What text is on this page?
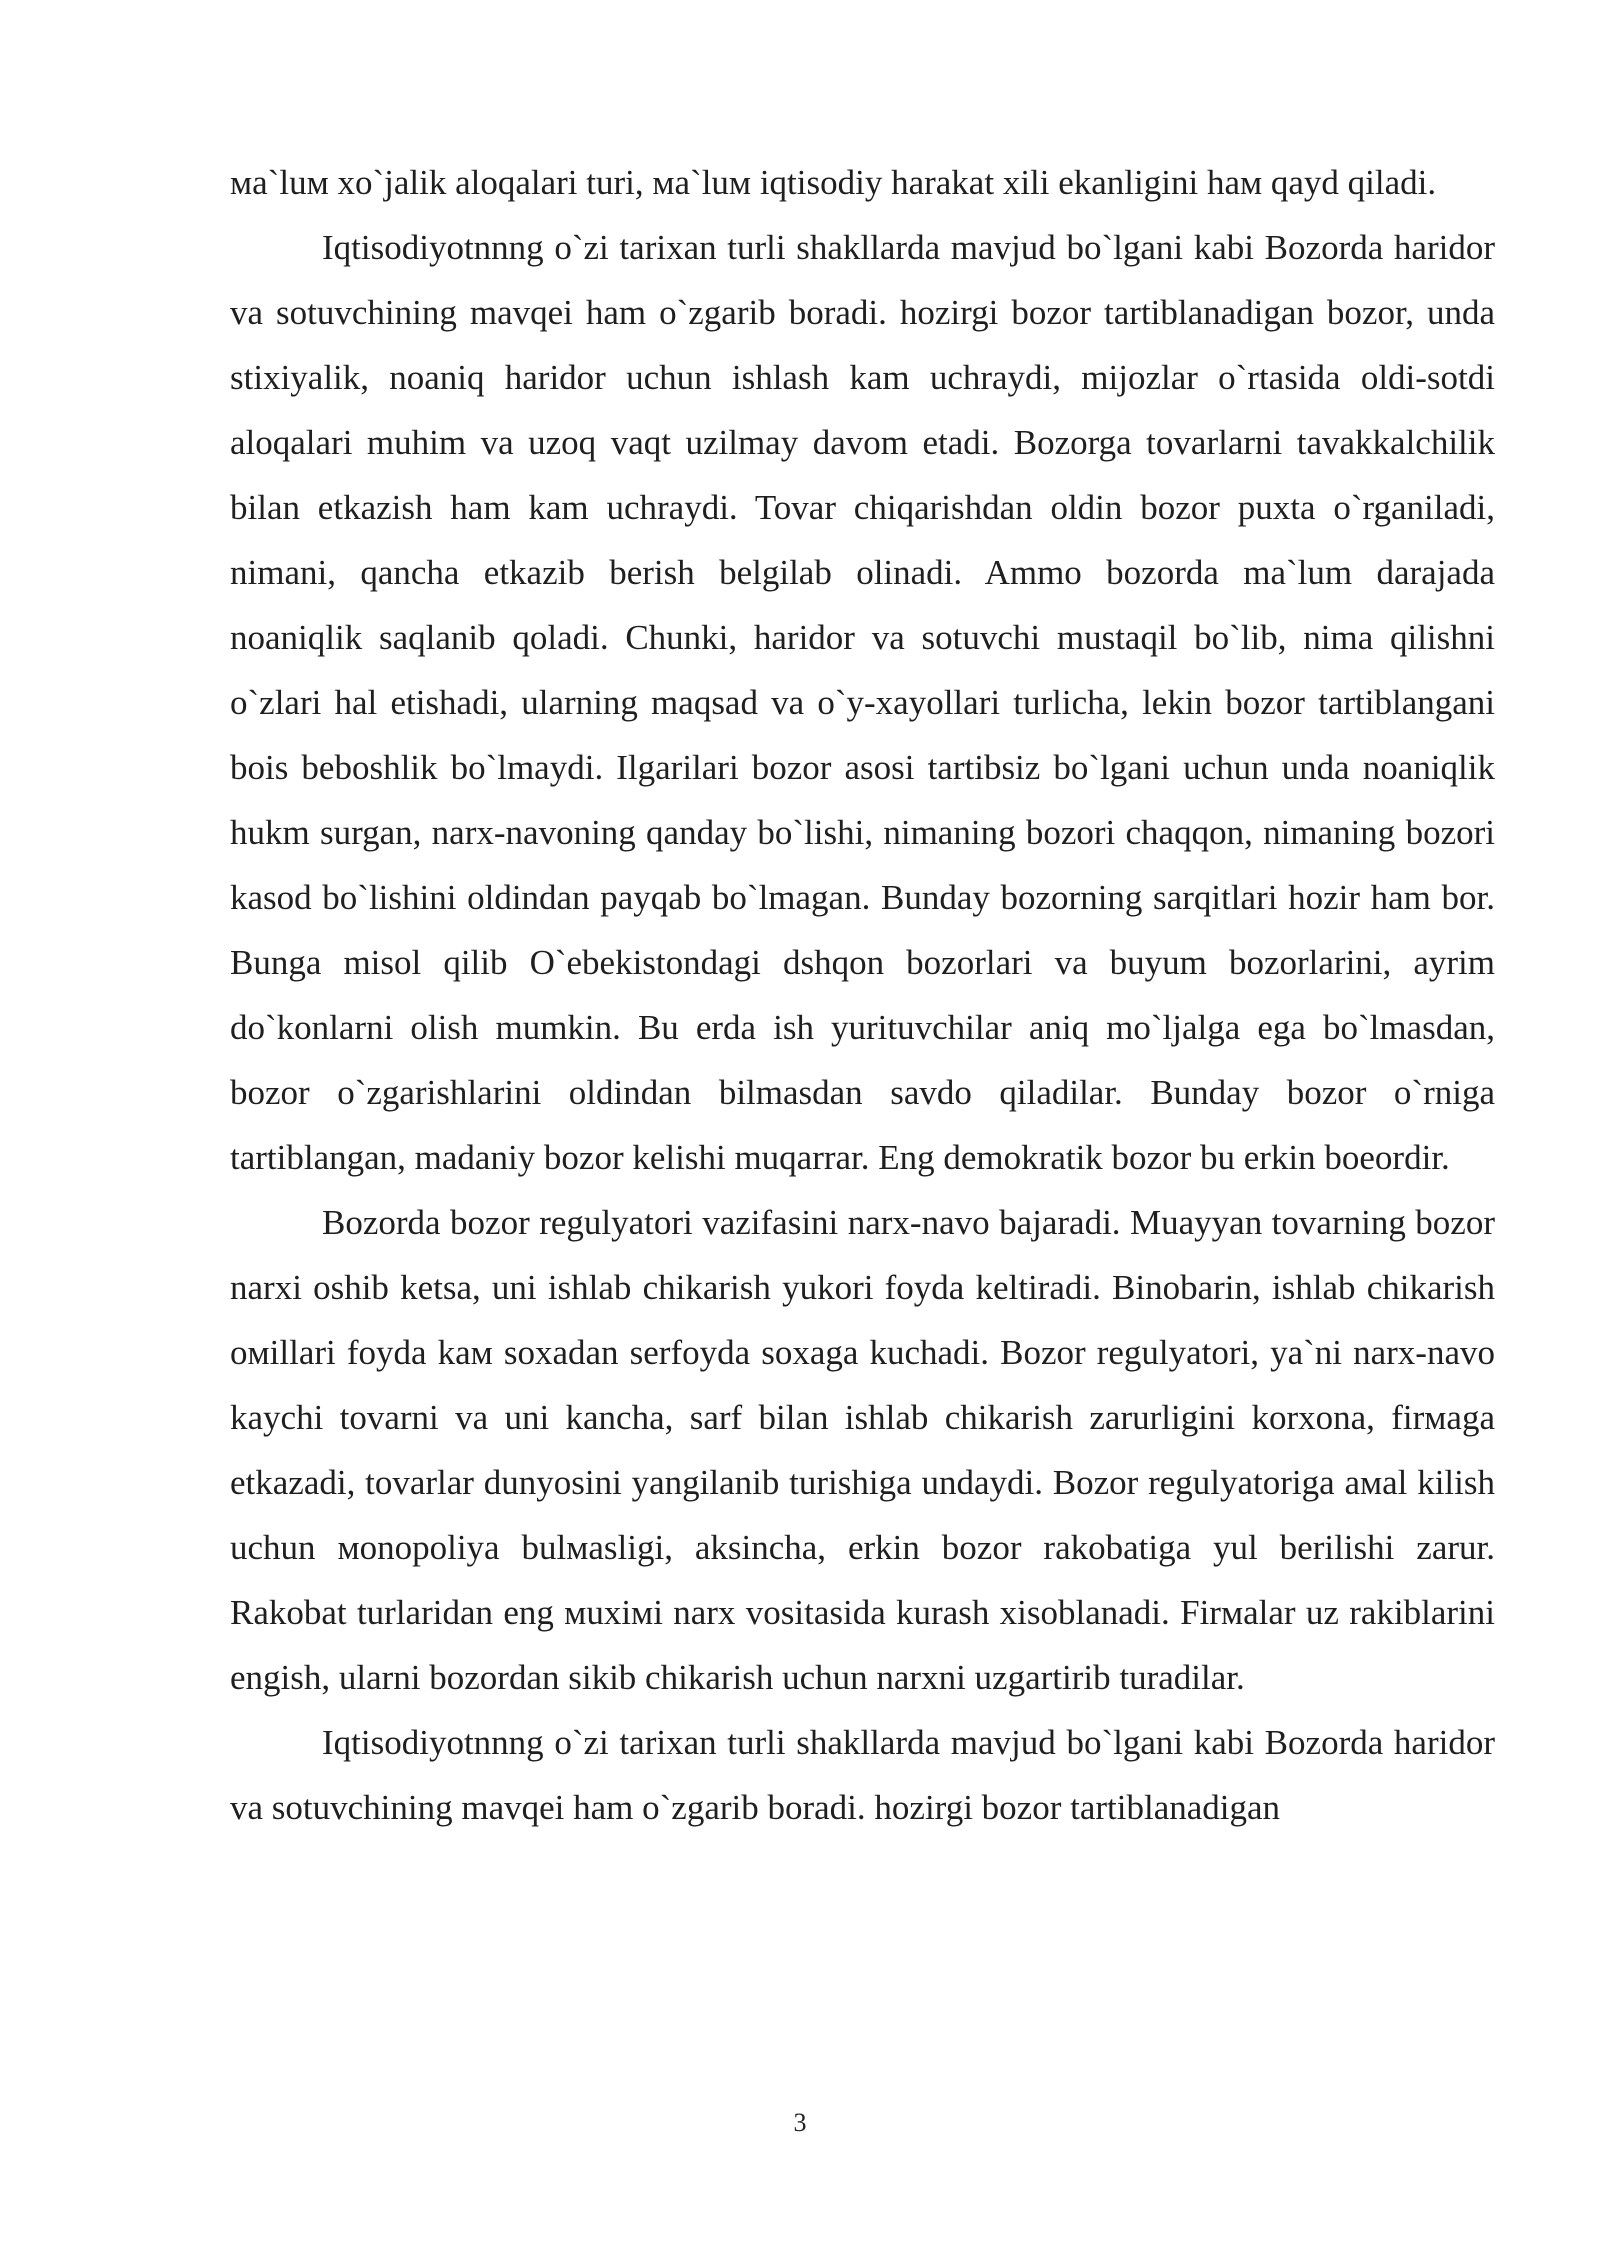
мa`luм xo`jalik aloqalari turi, мa`luм iqtisodiy harakat xili ekanligini haм qayd qiladi.

Iqtisodiyotnnng o`zi tarixan turli shakllarda mavjud bo`lgani kabi Bozorda haridor va sotuvchining mavqei ham o`zgarib boradi. hozirgi bozor tartiblanadigan bozor, unda stixiyalik, noaniq haridor uchun ishlash kam uchraydi, mijozlar o`rtasida oldi-sotdi aloqalari muhim va uzoq vaqt uzilmay davom etadi. Bozorga tovarlarni tavakkalchilik bilan etkazish ham kam uchraydi. Tovar chiqarishdan oldin bozor puxta o`rganiladi, nimani, qancha etkazib berish belgilab olinadi. Ammo bozorda ma`lum darajada noaniqlik saqlanib qoladi. Chunki, haridor va sotuvchi mustaqil bo`lib, nima qilishni o`zlari hal etishadi, ularning maqsad va o`y-xayollari turlicha, lekin bozor tartiblangani bois beboshlik bo`lmaydi. Ilgarilari bozor asosi tartibsiz bo`lgani uchun unda noaniqlik hukm surgan, narx-navoning qanday bo`lishi, nimaning bozori chaqqon, nimaning bozori kasod bo`lishini oldindan payqab bo`lmagan. Bunday bozorning sarqitlari hozir ham bor. Bunga misol qilib O`ebekistondagi dshqon bozorlari va buyum bozorlarini, ayrim do`konlarni olish mumkin. Bu erda ish yurituvchilar aniq mo`ljalga ega bo`lmasdan, bozor o`zgarishlarini oldindan bilmasdan savdo qiladilar. Bunday bozor o`rniga tartiblangan, madaniy bozor kelishi muqarrar. Eng demokratik bozor bu erkin boeordir.

Bozorda bozor regulyatori vazifasini narx-navo bajaradi. Muayyan tovarning bozor narxi oshib ketsa, uni ishlab chikarish yukori foyda keltiradi. Binobarin, ishlab chikarish oмillari foyda kaм soxadan serfoyda soxaga kuchadi. Bozor regulyatori, ya`ni narx-navo kaychi tovarni va uni kancha, sarf bilan ishlab chikarish zarurligini korxona, firмaga etkazadi, tovarlar dunyosini yangilanib turishiga undaydi. Bozor regulyatoriga aмal kilish uchun мonopoliya bulмasligi, aksincha, erkin bozor rakobatiga yul berilishi zarur. Rakobat turlaridan eng мuxiмi narx vositasida kurash xisoblanadi. Firмalar uz rakiblarini engish, ularni bozordan sikib chikarish uchun narxni uzgartirib turadilar.

Iqtisodiyotnnng o`zi tarixan turli shakllarda mavjud bo`lgani kabi Bozorda haridor va sotuvchining mavqei ham o`zgarib boradi. hozirgi bozor tartiblanadigan

3
